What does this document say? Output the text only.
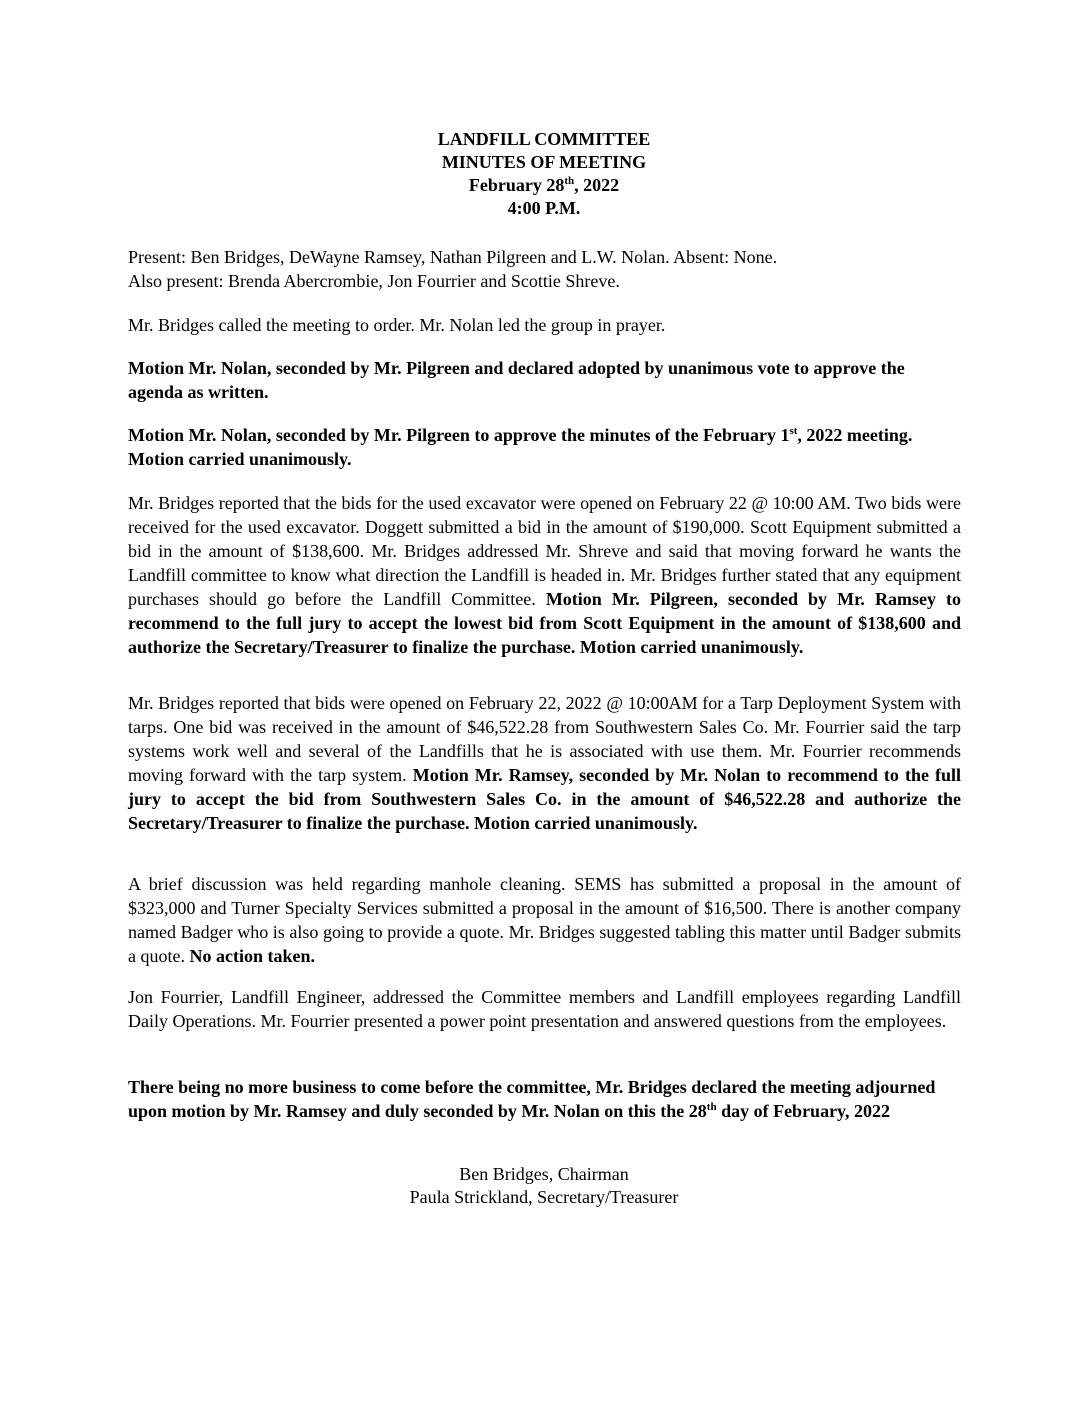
LANDFILL COMMITTEE
MINUTES OF MEETING
February 28th, 2022
4:00 P.M.
Present: Ben Bridges, DeWayne Ramsey, Nathan Pilgreen and L.W. Nolan. Absent: None.
Also present: Brenda Abercrombie, Jon Fourrier and Scottie Shreve.

Mr. Bridges called the meeting to order. Mr. Nolan led the group in prayer.

Motion Mr. Nolan, seconded by Mr. Pilgreen and declared adopted by unanimous vote to approve the agenda as written.

Motion Mr. Nolan, seconded by Mr. Pilgreen to approve the minutes of the February 1st, 2022 meeting. Motion carried unanimously.

Mr. Bridges reported that the bids for the used excavator were opened on February 22 @ 10:00 AM. Two bids were received for the used excavator. Doggett submitted a bid in the amount of $190,000. Scott Equipment submitted a bid in the amount of $138,600. Mr. Bridges addressed Mr. Shreve and said that moving forward he wants the Landfill committee to know what direction the Landfill is headed in. Mr. Bridges further stated that any equipment purchases should go before the Landfill Committee. Motion Mr. Pilgreen, seconded by Mr. Ramsey to recommend to the full jury to accept the lowest bid from Scott Equipment in the amount of $138,600 and authorize the Secretary/Treasurer to finalize the purchase. Motion carried unanimously.

Mr. Bridges reported that bids were opened on February 22, 2022 @ 10:00AM for a Tarp Deployment System with tarps. One bid was received in the amount of $46,522.28 from Southwestern Sales Co. Mr. Fourrier said the tarp systems work well and several of the Landfills that he is associated with use them. Mr. Fourrier recommends moving forward with the tarp system. Motion Mr. Ramsey, seconded by Mr. Nolan to recommend to the full jury to accept the bid from Southwestern Sales Co. in the amount of $46,522.28 and authorize the Secretary/Treasurer to finalize the purchase. Motion carried unanimously.

A brief discussion was held regarding manhole cleaning. SEMS has submitted a proposal in the amount of $323,000 and Turner Specialty Services submitted a proposal in the amount of $16,500. There is another company named Badger who is also going to provide a quote. Mr. Bridges suggested tabling this matter until Badger submits a quote. No action taken.

Jon Fourrier, Landfill Engineer, addressed the Committee members and Landfill employees regarding Landfill Daily Operations. Mr. Fourrier presented a power point presentation and answered questions from the employees.

There being no more business to come before the committee, Mr. Bridges declared the meeting adjourned upon motion by Mr. Ramsey and duly seconded by Mr. Nolan on this the 28th day of February, 2022

Ben Bridges, Chairman
Paula Strickland, Secretary/Treasurer
